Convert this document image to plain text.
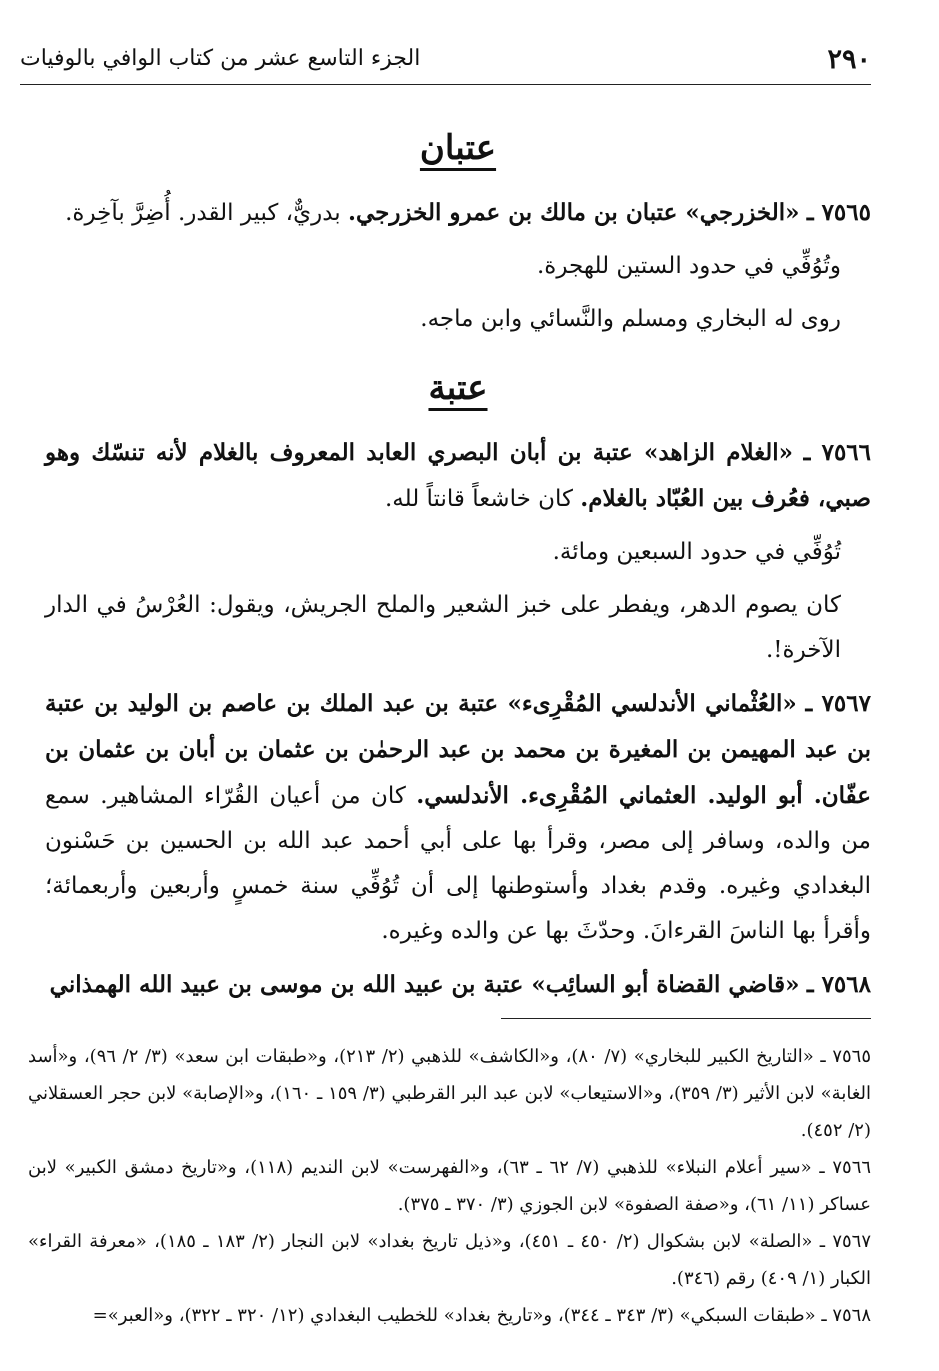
٢٩٠
الجزء التاسع عشر من كتاب الوافي بالوفيات
عتبان

٧٥٦٥ ـ «الخزرجي» عتبان بن مالك بن عمرو الخزرجي. بدريٌّ، كبير القدر. أُضِرَّ بآخِرة.

وتُوُفِّي في حدود الستين للهجرة.

روى له البخاري ومسلم والنَّسائي وابن ماجه.

عتبة

٧٥٦٦ ـ «الغلام الزاهد» عتبة بن أبان البصري العابد المعروف بالغلام لأنه تنسّك وهو صبي، فعُرف بين العُبّاد بالغلام. كان خاشعاً قانتاً لله.

تُوُفِّي في حدود السبعين ومائة.

كان يصوم الدهر، ويفطر على خبز الشعير والملح الجريش، ويقول: العُرْسُ في الدار الآخرة!.

٧٥٦٧ ـ «العُثْماني الأندلسي المُقْرِىء» عتبة بن عبد الملك بن عاصم بن الوليد بن عتبة بن عبد المهيمن بن المغيرة بن محمد بن عبد الرحمٰن بن عثمان بن أبان بن عثمان بن عفّان. أبو الوليد. العثماني المُقْرِىء. الأندلسي. كان من أعيان القُرّاء المشاهير. سمع من والده، وسافر إلى مصر، وقرأ بها على أبي أحمد عبد الله بن الحسين بن حَسْنون البغدادي وغيره. وقدم بغداد وأستوطنها إلى أن تُوُفِّي سنة خمسٍ وأربعين وأربعمائة؛ وأقرأ بها الناسَ القرءانَ. وحدّثَ بها عن والده وغيره.

٧٥٦٨ ـ «قاضي القضاة أبو السائِب» عتبة بن عبيد الله بن موسى بن عبيد الله الهمذاني

٧٥٦٥ ـ «التاريخ الكبير للبخاري» (٧/ ٨٠)، و«الكاشف» للذهبي (٢/ ٢١٣)، و«طبقات ابن سعد» (٣/ ٢/ ٩٦)، و«أسد الغابة» لابن الأثير (٣/ ٣٥٩)، و«الاستيعاب» لابن عبد البر القرطبي (٣/ ١٥٩ ـ ١٦٠)، و«الإصابة» لابن حجر العسقلاني (٢/ ٤٥٢).

٧٥٦٦ ـ «سير أعلام النبلاء» للذهبي (٧/ ٦٢ ـ ٦٣)، و«الفهرست» لابن النديم (١١٨)، و«تاريخ دمشق الكبير» لابن عساكر (١١/ ٦١)، و«صفة الصفوة» لابن الجوزي (٣/ ٣٧٠ ـ ٣٧٥).

٧٥٦٧ ـ «الصلة» لابن بشكوال (٢/ ٤٥٠ ـ ٤٥١)، و«ذيل تاريخ بغداد» لابن النجار (٢/ ١٨٣ ـ ١٨٥)، «معرفة القراء» الكبار (١/ ٤٠٩) رقم (٣٤٦).

٧٥٦٨ ـ «طبقات السبكي» (٣/ ٣٤٣ ـ ٣٤٤)، و«تاريخ بغداد» للخطيب البغدادي (١٢/ ٣٢٠ ـ ٣٢٢)، و«العبر»=
